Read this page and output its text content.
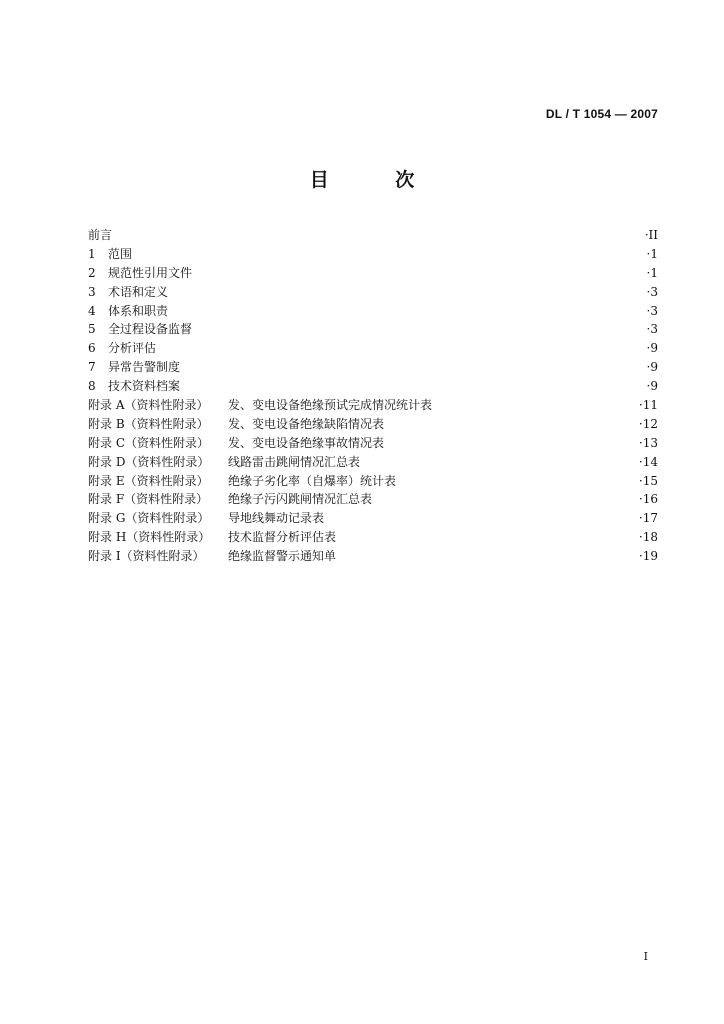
DL / T 1054 — 2007
目 次
前言	·II
1	范围	·1
2	规范性引用文件	·1
3	术语和定义	·3
4	体系和职责	·3
5	全过程设备监督	·3
6	分析评估	·9
7	异常告警制度	·9
8	技术资料档案	·9
附录 A（资料性附录）	发、变电设备绝缘预试完成情况统计表	·11
附录 B（资料性附录）	发、变电设备绝缘缺陷情况表	·12
附录 C（资料性附录）	发、变电设备绝缘事故情况表	·13
附录 D（资料性附录）	线路雷击跳闸情况汇总表	·14
附录 E（资料性附录）	绝缘子劣化率（自爆率）统计表	·15
附录 F（资料性附录）	绝缘子污闪跳闸情况汇总表	·16
附录 G（资料性附录）	导地线舞动记录表	·17
附录 H（资料性附录）	技术监督分析评估表	·18
附录 I（资料性附录）	绝缘监督警示通知单	·19
I
